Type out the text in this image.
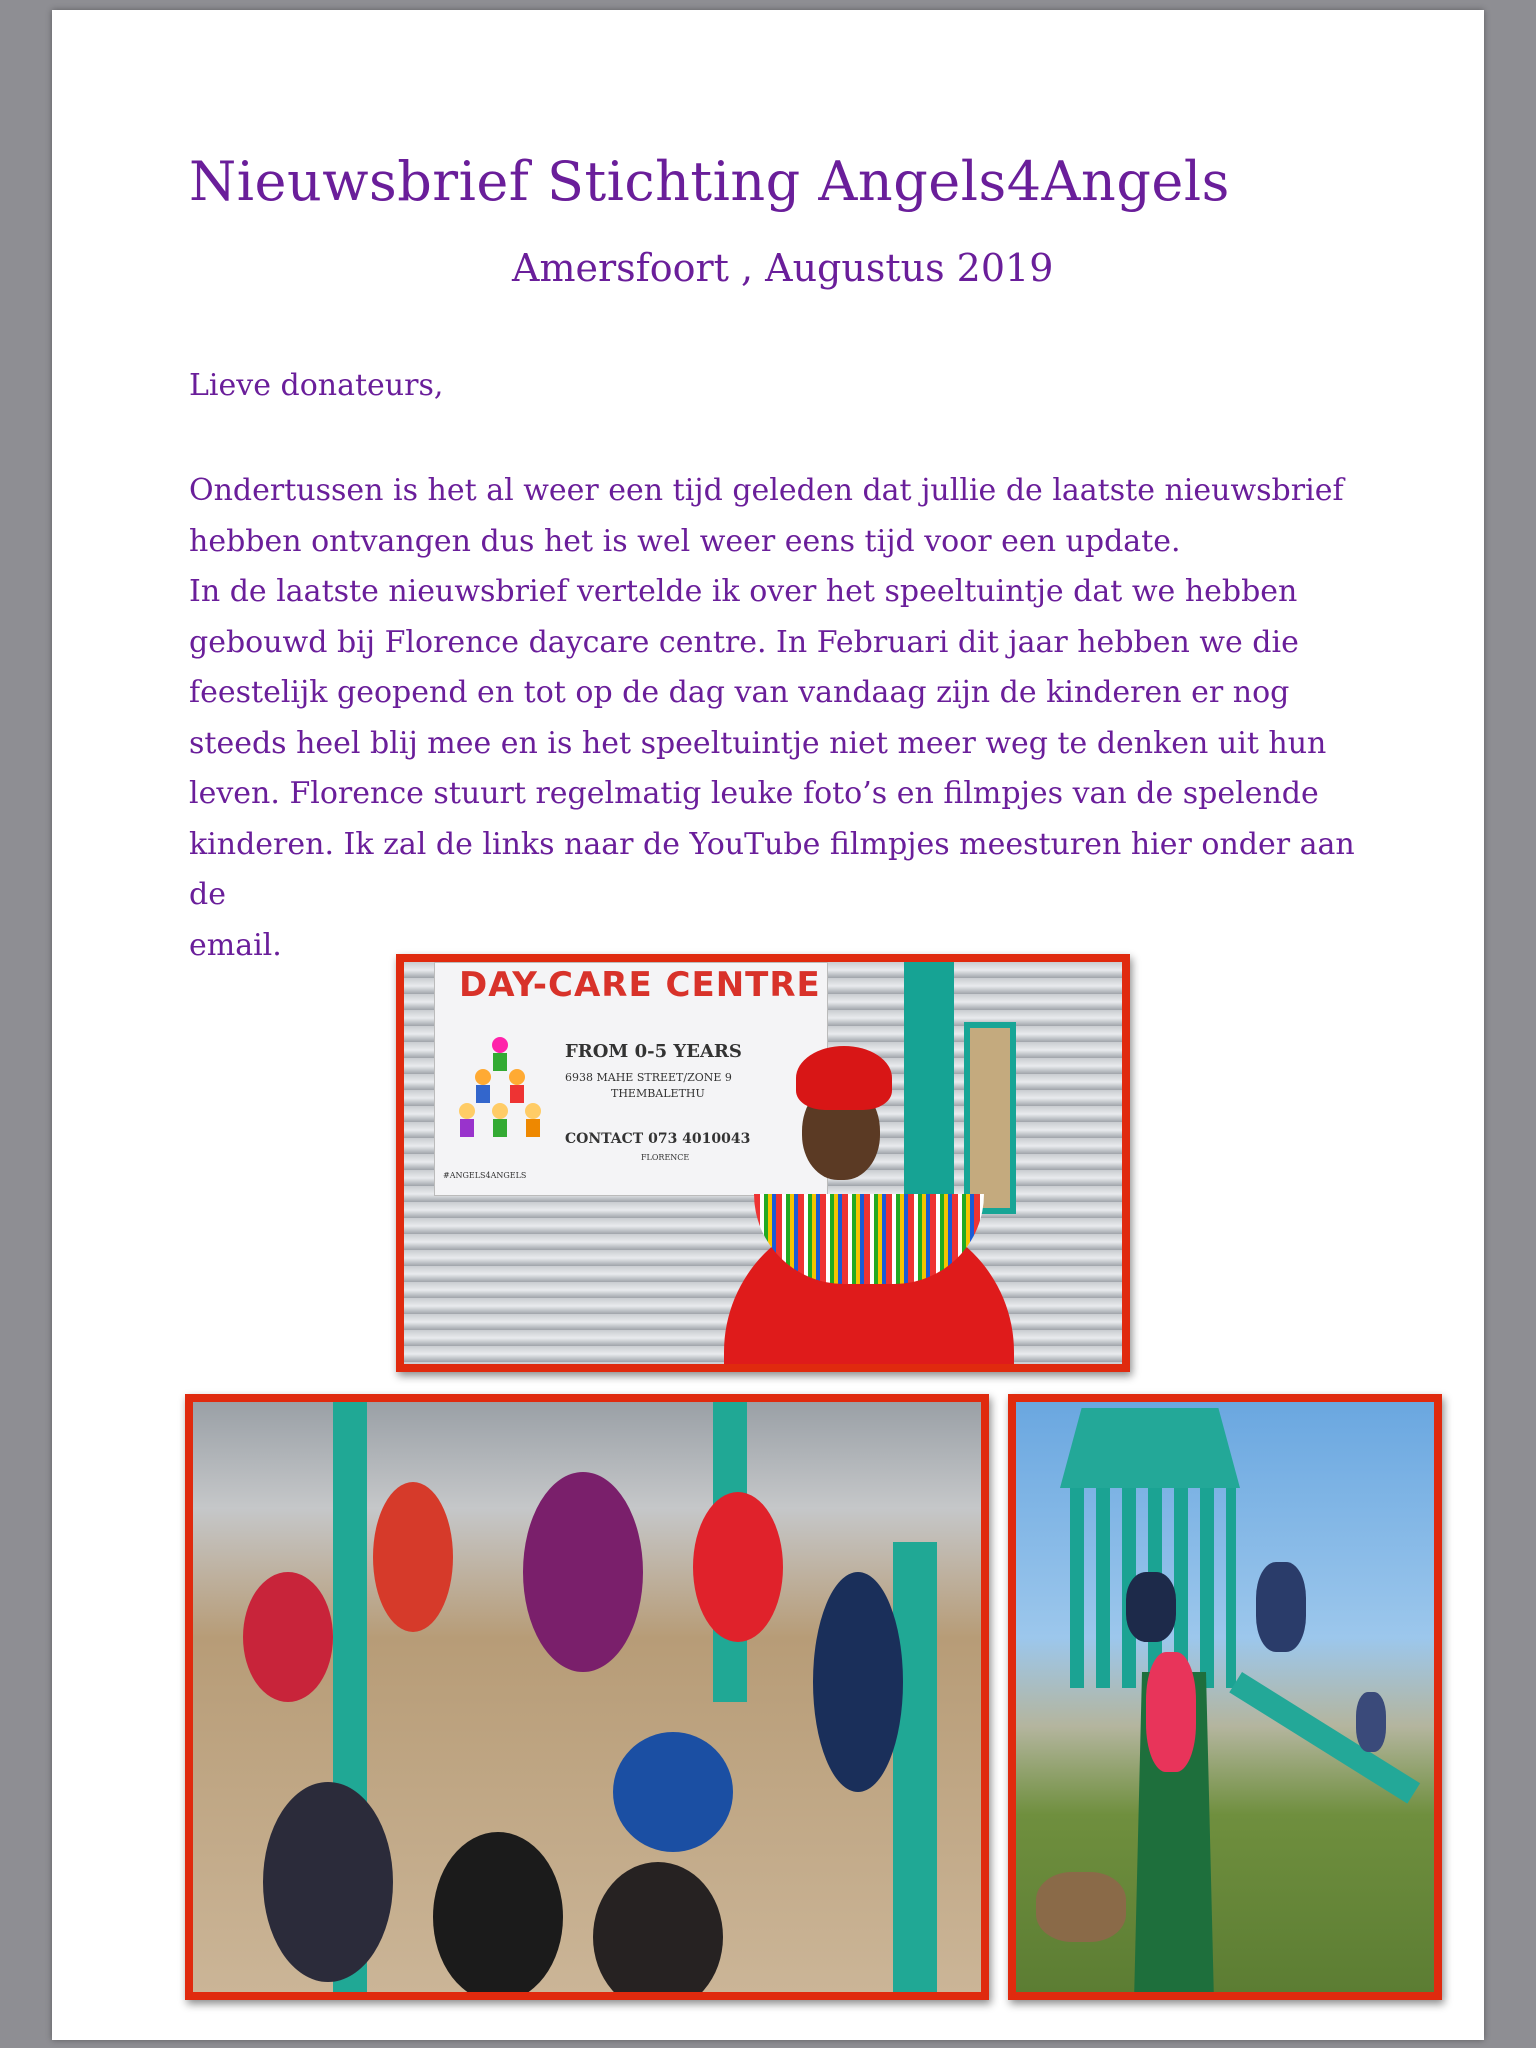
Nieuwsbrief Stichting Angels4Angels
Amersfoort , Augustus 2019
Lieve donateurs,

Ondertussen is het al weer een tijd geleden dat jullie de laatste nieuwsbrief

hebben ontvangen dus het is wel weer eens tijd voor een update.

In de laatste nieuwsbrief vertelde ik over het speeltuintje dat we hebben

gebouwd bij Florence daycare centre. In Februari dit jaar hebben we die

feestelijk geopend en tot op de dag van vandaag zijn de kinderen er nog

steeds heel blij mee en is het speeltuintje niet meer weg te denken uit hun

leven. Florence stuurt regelmatig leuke foto’s en filmpjes van de spelende

kinderen. Ik zal de links naar de YouTube filmpjes meesturen hier onder aan de

email.

DAY-CARE CENTRE
FROM 0-5 YEARS
6938 MAHE STREET/ZONE 9
THEMBALETHU
CONTACT 073 4010043
FLORENCE
#ANGELS4ANGELS
